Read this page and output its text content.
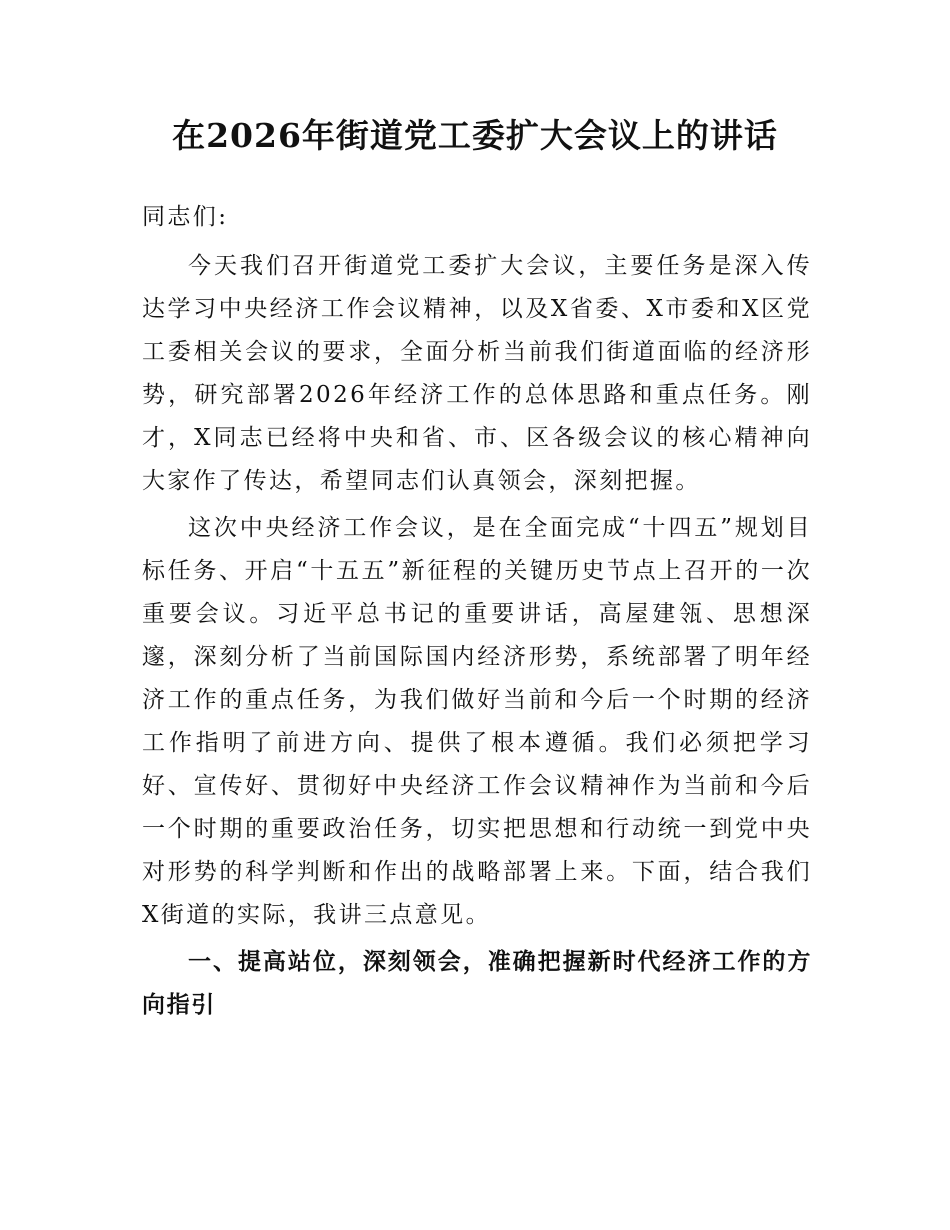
在2026年街道党工委扩大会议上的讲话

同志们:

今天我们召开街道党工委扩大会议，主要任务是深入传达学习中央经济工作会议精神，以及X省委、X市委和X区党工委相关会议的要求，全面分析当前我们街道面临的经济形势，研究部署2026年经济工作的总体思路和重点任务。刚才，X同志已经将中央和省、市、区各级会议的核心精神向大家作了传达，希望同志们认真领会，深刻把握。

这次中央经济工作会议，是在全面完成“十四五”规划目标任务、开启“十五五”新征程的关键历史节点上召开的一次重要会议。习近平总书记的重要讲话，高屋建瓴、思想深邃，深刻分析了当前国际国内经济形势，系统部署了明年经济工作的重点任务，为我们做好当前和今后一个时期的经济工作指明了前进方向、提供了根本遵循。我们必须把学习好、宣传好、贯彻好中央经济工作会议精神作为当前和今后一个时期的重要政治任务，切实把思想和行动统一到党中央对形势的科学判断和作出的战略部署上来。下面，结合我们X街道的实际，我讲三点意见。

一、提高站位，深刻领会，准确把握新时代经济工作的方向指引
